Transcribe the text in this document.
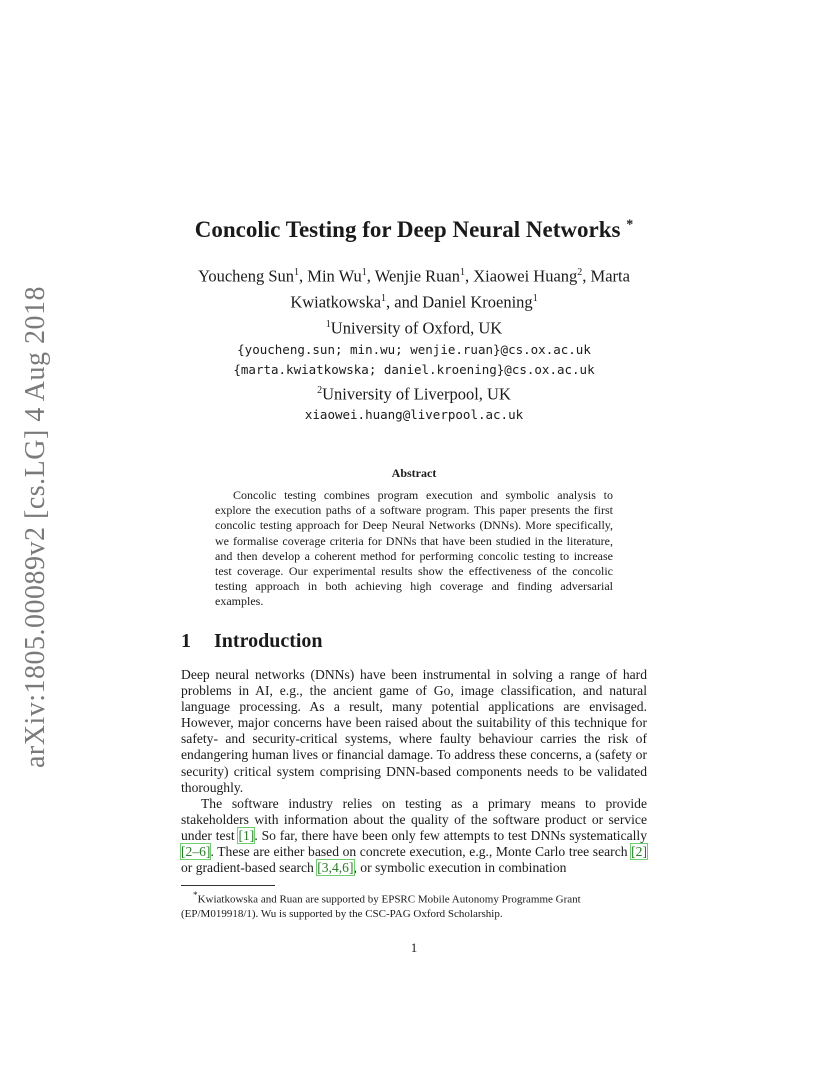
arXiv:1805.00089v2 [cs.LG] 4 Aug 2018
Concolic Testing for Deep Neural Networks *
Youcheng Sun$^1$, Min Wu$^1$, Wenjie Ruan$^1$, Xiaowei Huang$^2$, Marta
Kwiatkowska$^1$, and Daniel Kroening$^1$
$^1$University of Oxford, UK
{youcheng.sun; min.wu; wenjie.ruan}@cs.ox.ac.uk
{marta.kwiatkowska; daniel.kroening}@cs.ox.ac.uk
$^2$University of Liverpool, UK
xiaowei.huang@liverpool.ac.uk
Abstract

Concolic testing combines program execution and symbolic analysis to explore the execution paths of a software program. This paper presents the first concolic testing approach for Deep Neural Networks (DNNs). More specifically, we formalise coverage criteria for DNNs that have been studied in the literature, and then develop a coherent method for performing concolic testing to increase test coverage. Our experimental results show the effectiveness of the concolic testing approach in both achieving high coverage and finding adversarial examples.

1 Introduction

Deep neural networks (DNNs) have been instrumental in solving a range of hard problems in AI, e.g., the ancient game of Go, image classification, and natural language processing. As a result, many potential applications are envisaged. However, major concerns have been raised about the suitability of this technique for safety- and security-critical systems, where faulty behaviour carries the risk of endangering human lives or financial damage. To address these concerns, a (safety or security) critical system comprising DNN-based components needs to be validated thoroughly.

The software industry relies on testing as a primary means to provide stakeholders with information about the quality of the software product or service under test [1]. So far, there have been only few attempts to test DNNs systematically [2–6]. These are either based on concrete execution, e.g., Monte Carlo tree search [2] or gradient-based search [3,4,6], or symbolic execution in combination

*Kwiatkowska and Ruan are supported by EPSRC Mobile Autonomy Programme Grant (EP/M019918/1). Wu is supported by the CSC-PAG Oxford Scholarship.
1
